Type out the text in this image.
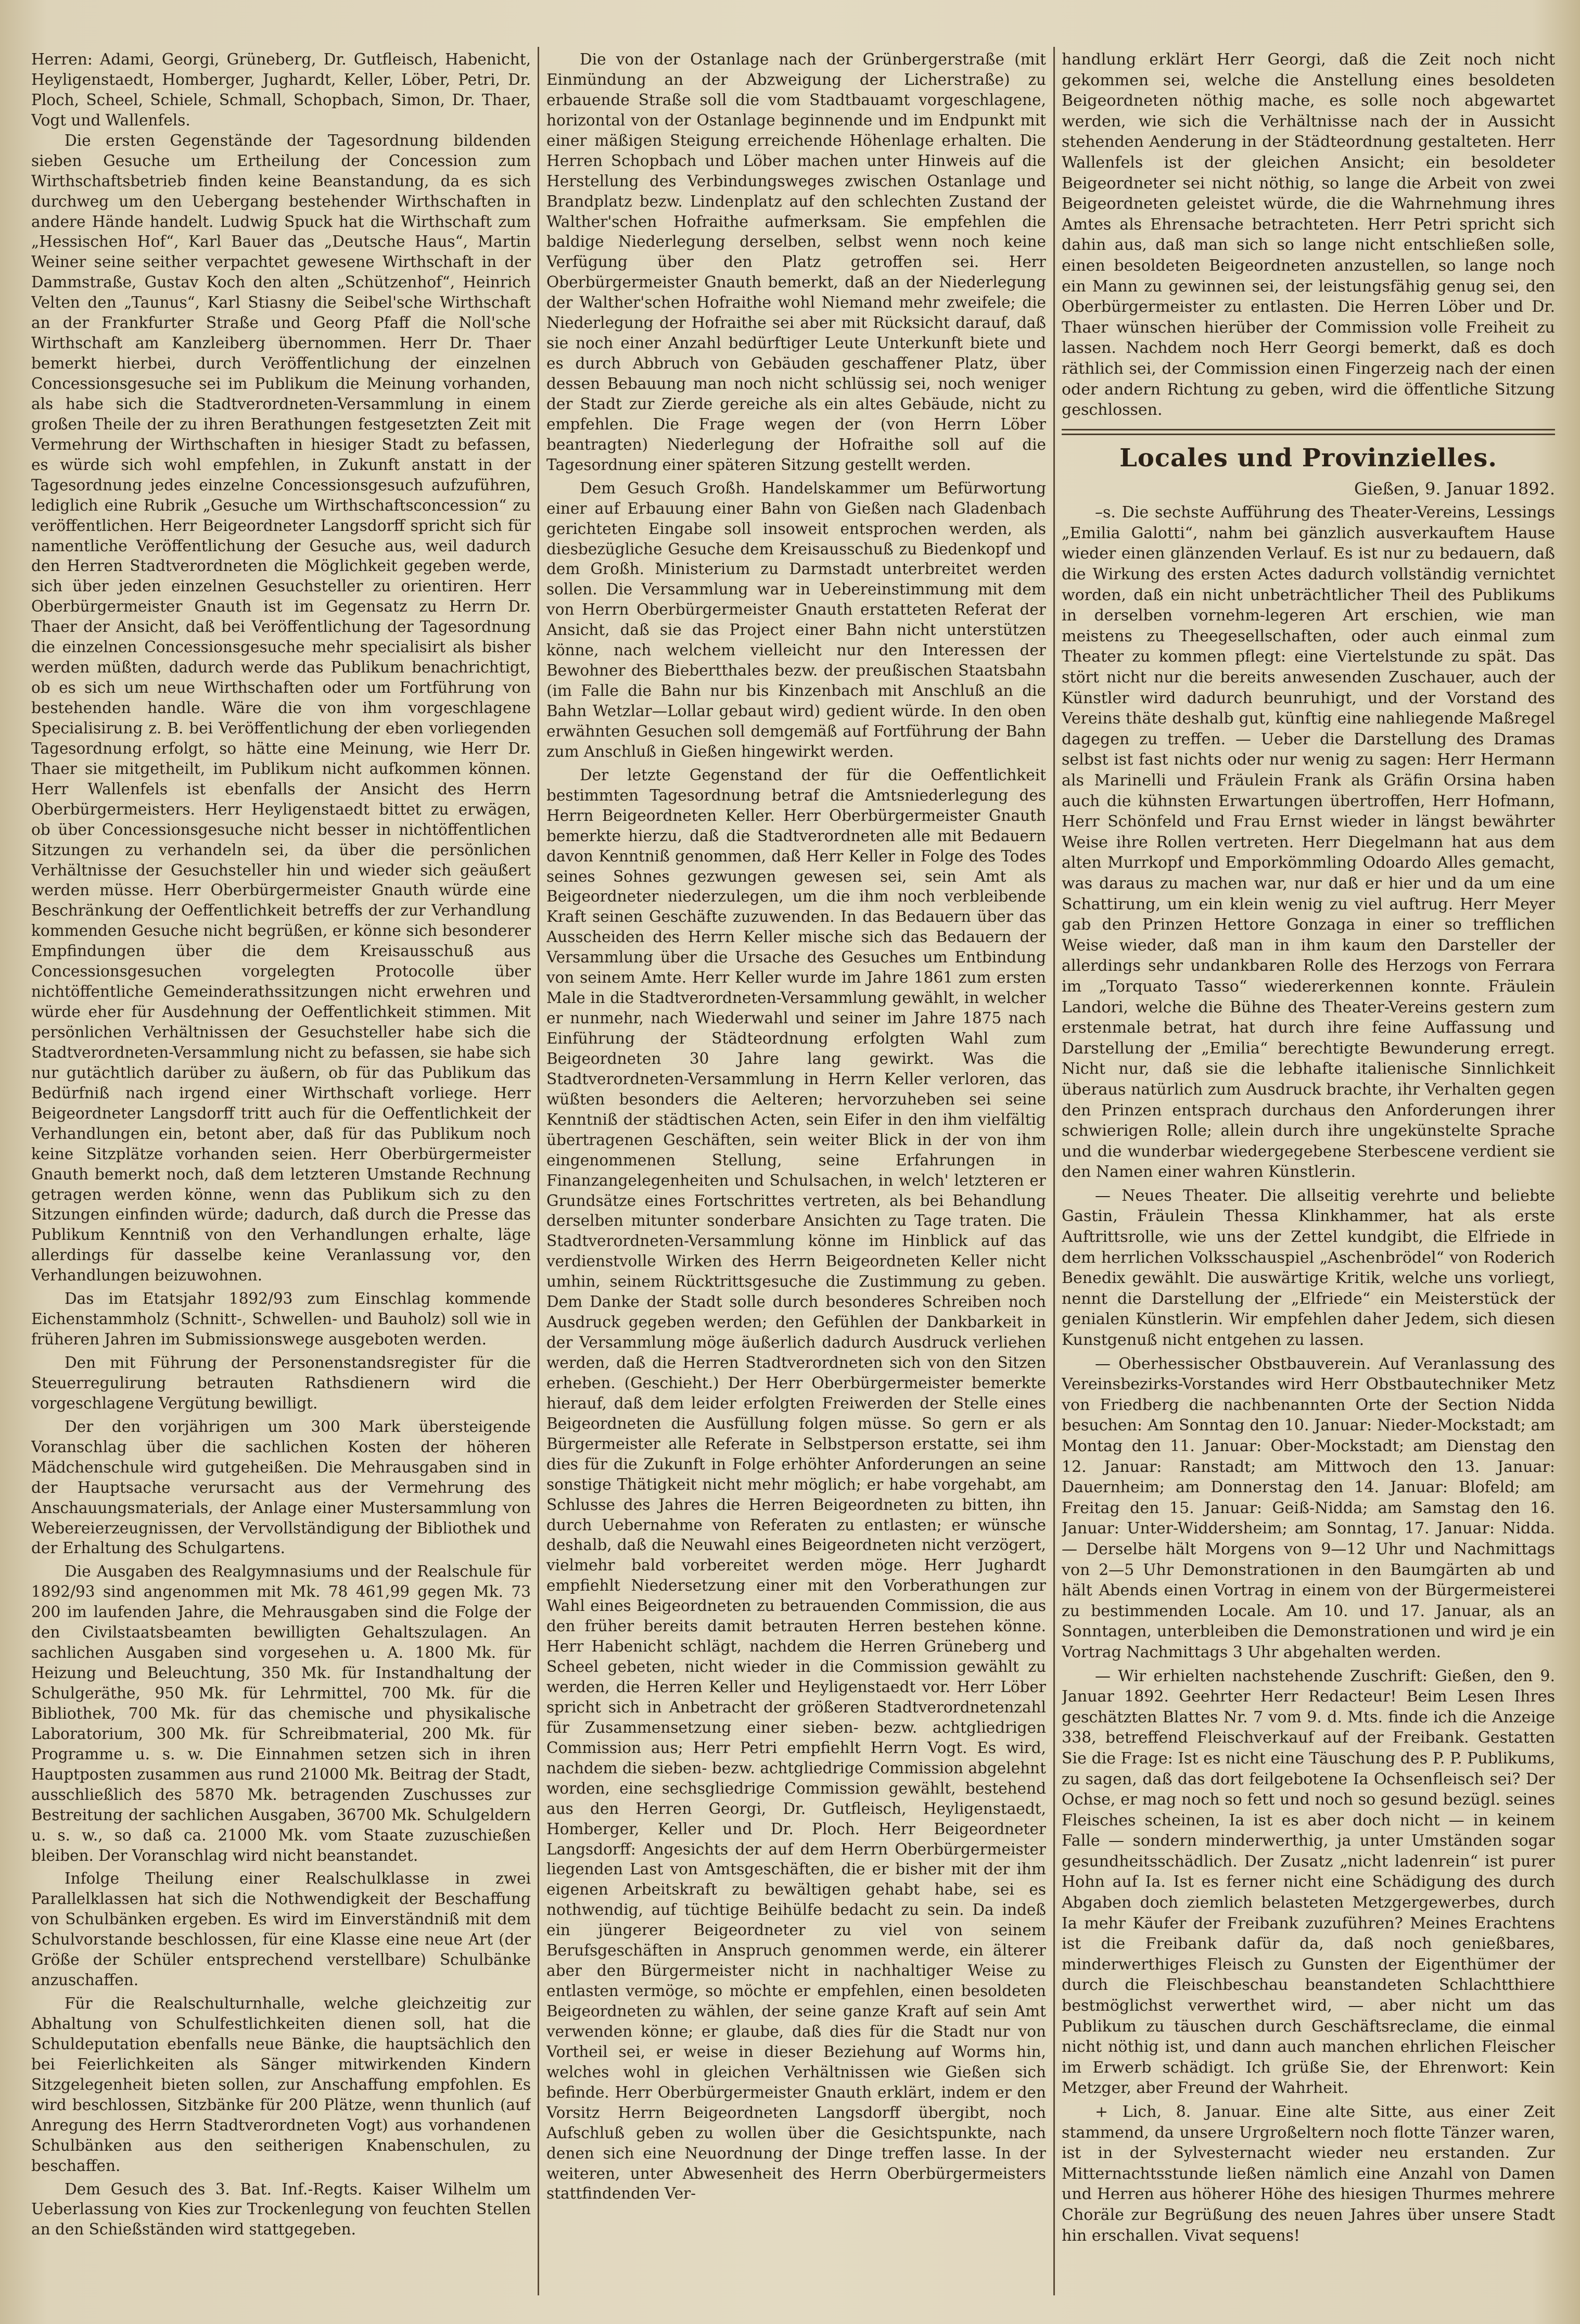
Herren: Adami, Georgi, Grüneberg, Dr. Gutfleisch, Habenicht, Heyligenstaedt, Homberger, Jughardt, Keller, Löber, Petri, Dr. Ploch, Scheel, Schiele, Schmall, Schopbach, Simon, Dr. Thaer, Vogt und Wallenfels.

Die ersten Gegenstände der Tagesordnung bildenden sieben Gesuche um Ertheilung der Concession zum Wirthschaftsbetrieb finden keine Beanstandung, da es sich durchweg um den Uebergang bestehender Wirthschaften in andere Hände handelt. Ludwig Spuck hat die Wirthschaft zum „Hessischen Hof“, Karl Bauer das „Deutsche Haus“, Martin Weiner seine seither verpachtet gewesene Wirthschaft in der Dammstraße, Gustav Koch den alten „Schützenhof“, Heinrich Velten den „Taunus“, Karl Stiasny die Seibel'sche Wirthschaft an der Frankfurter Straße und Georg Pfaff die Noll'sche Wirthschaft am Kanzleiberg übernommen. Herr Dr. Thaer bemerkt hierbei, durch Veröffentlichung der einzelnen Concessionsgesuche sei im Publikum die Meinung vorhanden, als habe sich die Stadtverordneten-Versammlung in einem großen Theile der zu ihren Berathungen festgesetzten Zeit mit Vermehrung der Wirthschaften in hiesiger Stadt zu befassen, es würde sich wohl empfehlen, in Zukunft anstatt in der Tagesordnung jedes einzelne Concessionsgesuch aufzuführen, lediglich eine Rubrik „Gesuche um Wirthschaftsconcession“ zu veröffentlichen. Herr Beigeordneter Langsdorff spricht sich für namentliche Veröffentlichung der Gesuche aus, weil dadurch den Herren Stadtverordneten die Möglichkeit gegeben werde, sich über jeden einzelnen Gesuchsteller zu orientiren. Herr Oberbürgermeister Gnauth ist im Gegensatz zu Herrn Dr. Thaer der Ansicht, daß bei Veröffentlichung der Tagesordnung die einzelnen Concessionsgesuche mehr specialisirt als bisher werden müßten, dadurch werde das Publikum benachrichtigt, ob es sich um neue Wirthschaften oder um Fortführung von bestehenden handle. Wäre die von ihm vorgeschlagene Specialisirung z. B. bei Veröffentlichung der eben vorliegenden Tagesordnung erfolgt, so hätte eine Meinung, wie Herr Dr. Thaer sie mitgetheilt, im Publikum nicht aufkommen können. Herr Wallenfels ist ebenfalls der Ansicht des Herrn Oberbürgermeisters. Herr Heyligenstaedt bittet zu erwägen, ob über Concessionsgesuche nicht besser in nichtöffentlichen Sitzungen zu verhandeln sei, da über die persönlichen Verhältnisse der Gesuchsteller hin und wieder sich geäußert werden müsse. Herr Oberbürgermeister Gnauth würde eine Beschränkung der Oeffentlichkeit betreffs der zur Verhandlung kommenden Gesuche nicht begrüßen, er könne sich besonderer Empfindungen über die dem Kreisausschuß aus Concessionsgesuchen vorgelegten Protocolle über nichtöffentliche Gemeinderathssitzungen nicht erwehren und würde eher für Ausdehnung der Oeffentlichkeit stimmen. Mit persönlichen Verhältnissen der Gesuchsteller habe sich die Stadtverordneten-Versammlung nicht zu befassen, sie habe sich nur gutächtlich darüber zu äußern, ob für das Publikum das Bedürfniß nach irgend einer Wirthschaft vorliege. Herr Beigeordneter Langsdorff tritt auch für die Oeffentlichkeit der Verhandlungen ein, betont aber, daß für das Publikum noch keine Sitzplätze vorhanden seien. Herr Oberbürgermeister Gnauth bemerkt noch, daß dem letzteren Umstande Rechnung getragen werden könne, wenn das Publikum sich zu den Sitzungen einfinden würde; dadurch, daß durch die Presse das Publikum Kenntniß von den Verhandlungen erhalte, läge allerdings für dasselbe keine Veranlassung vor, den Verhandlungen beizuwohnen.

Das im Etatsjahr 1892/93 zum Einschlag kommende Eichenstammholz (Schnitt-, Schwellen- und Bauholz) soll wie in früheren Jahren im Submissionswege ausgeboten werden.

Den mit Führung der Personenstandsregister für die Steuerregulirung betrauten Rathsdienern wird die vorgeschlagene Vergütung bewilligt.

Der den vorjährigen um 300 Mark übersteigende Voranschlag über die sachlichen Kosten der höheren Mädchenschule wird gutgeheißen. Die Mehrausgaben sind in der Hauptsache verursacht aus der Vermehrung des Anschauungsmaterials, der Anlage einer Mustersammlung von Webereierzeugnissen, der Vervollständigung der Bibliothek und der Erhaltung des Schulgartens.

Die Ausgaben des Realgymnasiums und der Realschule für 1892/93 sind angenommen mit Mk. 78 461,99 gegen Mk. 73 200 im laufenden Jahre, die Mehrausgaben sind die Folge der den Civilstaatsbeamten bewilligten Gehaltszulagen. An sachlichen Ausgaben sind vorgesehen u. A. 1800 Mk. für Heizung und Beleuchtung, 350 Mk. für Instandhaltung der Schulgeräthe, 950 Mk. für Lehrmittel, 700 Mk. für die Bibliothek, 700 Mk. für das chemische und physikalische Laboratorium, 300 Mk. für Schreibmaterial, 200 Mk. für Programme u. s. w. Die Einnahmen setzen sich in ihren Hauptposten zusammen aus rund 21000 Mk. Beitrag der Stadt, ausschließlich des 5870 Mk. betragenden Zuschusses zur Bestreitung der sachlichen Ausgaben, 36700 Mk. Schulgeldern u. s. w., so daß ca. 21000 Mk. vom Staate zuzuschießen bleiben. Der Voranschlag wird nicht beanstandet.

Infolge Theilung einer Realschulklasse in zwei Parallelklassen hat sich die Nothwendigkeit der Beschaffung von Schulbänken ergeben. Es wird im Einverständniß mit dem Schulvorstande beschlossen, für eine Klasse eine neue Art (der Größe der Schüler entsprechend verstellbare) Schulbänke anzuschaffen.

Für die Realschulturnhalle, welche gleichzeitig zur Abhaltung von Schulfestlichkeiten dienen soll, hat die Schuldeputation ebenfalls neue Bänke, die hauptsächlich den bei Feierlichkeiten als Sänger mitwirkenden Kindern Sitzgelegenheit bieten sollen, zur Anschaffung empfohlen. Es wird beschlossen, Sitzbänke für 200 Plätze, wenn thunlich (auf Anregung des Herrn Stadtverordneten Vogt) aus vorhandenen Schulbänken aus den seitherigen Knabenschulen, zu beschaffen.

Dem Gesuch des 3. Bat. Inf.-Regts. Kaiser Wilhelm um Ueberlassung von Kies zur Trockenlegung von feuchten Stellen an den Schießständen wird stattgegeben.

Die von der Ostanlage nach der Grünbergerstraße (mit Einmündung an der Abzweigung der Licherstraße) zu erbauende Straße soll die vom Stadtbauamt vorgeschlagene, horizontal von der Ostanlage beginnende und im Endpunkt mit einer mäßigen Steigung erreichende Höhenlage erhalten. Die Herren Schopbach und Löber machen unter Hinweis auf die Herstellung des Verbindungsweges zwischen Ostanlage und Brandplatz bezw. Lindenplatz auf den schlechten Zustand der Walther'schen Hofraithe aufmerksam. Sie empfehlen die baldige Niederlegung derselben, selbst wenn noch keine Verfügung über den Platz getroffen sei. Herr Oberbürgermeister Gnauth bemerkt, daß an der Niederlegung der Walther'schen Hofraithe wohl Niemand mehr zweifele; die Niederlegung der Hofraithe sei aber mit Rücksicht darauf, daß sie noch einer Anzahl bedürftiger Leute Unterkunft biete und es durch Abbruch von Gebäuden geschaffener Platz, über dessen Bebauung man noch nicht schlüssig sei, noch weniger der Stadt zur Zierde gereiche als ein altes Gebäude, nicht zu empfehlen. Die Frage wegen der (von Herrn Löber beantragten) Niederlegung der Hofraithe soll auf die Tagesordnung einer späteren Sitzung gestellt werden.

Dem Gesuch Großh. Handelskammer um Befürwortung einer auf Erbauung einer Bahn von Gießen nach Gladenbach gerichteten Eingabe soll insoweit entsprochen werden, als diesbezügliche Gesuche dem Kreisausschuß zu Biedenkopf und dem Großh. Ministerium zu Darmstadt unterbreitet werden sollen. Die Versammlung war in Uebereinstimmung mit dem von Herrn Oberbürgermeister Gnauth erstatteten Referat der Ansicht, daß sie das Project einer Bahn nicht unterstützen könne, nach welchem vielleicht nur den Interessen der Bewohner des Biebertthales bezw. der preußischen Staatsbahn (im Falle die Bahn nur bis Kinzenbach mit Anschluß an die Bahn Wetzlar—Lollar gebaut wird) gedient würde. In den oben erwähnten Gesuchen soll demgemäß auf Fortführung der Bahn zum Anschluß in Gießen hingewirkt werden.

Der letzte Gegenstand der für die Oeffentlichkeit bestimmten Tagesordnung betraf die Amtsniederlegung des Herrn Beigeordneten Keller. Herr Oberbürgermeister Gnauth bemerkte hierzu, daß die Stadtverordneten alle mit Bedauern davon Kenntniß genommen, daß Herr Keller in Folge des Todes seines Sohnes gezwungen gewesen sei, sein Amt als Beigeordneter niederzulegen, um die ihm noch verbleibende Kraft seinen Geschäfte zuzuwenden. In das Bedauern über das Ausscheiden des Herrn Keller mische sich das Bedauern der Versammlung über die Ursache des Gesuches um Entbindung von seinem Amte. Herr Keller wurde im Jahre 1861 zum ersten Male in die Stadtverordneten-Versammlung gewählt, in welcher er nunmehr, nach Wiederwahl und seiner im Jahre 1875 nach Einführung der Städteordnung erfolgten Wahl zum Beigeordneten 30 Jahre lang gewirkt. Was die Stadtverordneten-Versammlung in Herrn Keller verloren, das wüßten besonders die Aelteren; hervorzuheben sei seine Kenntniß der städtischen Acten, sein Eifer in den ihm vielfältig übertragenen Geschäften, sein weiter Blick in der von ihm eingenommenen Stellung, seine Erfahrungen in Finanzangelegenheiten und Schulsachen, in welch' letzteren er Grundsätze eines Fortschrittes vertreten, als bei Behandlung derselben mitunter sonderbare Ansichten zu Tage traten. Die Stadtverordneten-Versammlung könne im Hinblick auf das verdienstvolle Wirken des Herrn Beigeordneten Keller nicht umhin, seinem Rücktrittsgesuche die Zustimmung zu geben. Dem Danke der Stadt solle durch besonderes Schreiben noch Ausdruck gegeben werden; den Gefühlen der Dankbarkeit in der Versammlung möge äußerlich dadurch Ausdruck verliehen werden, daß die Herren Stadtverordneten sich von den Sitzen erheben. (Geschieht.) Der Herr Oberbürgermeister bemerkte hierauf, daß dem leider erfolgten Freiwerden der Stelle eines Beigeordneten die Ausfüllung folgen müsse. So gern er als Bürgermeister alle Referate in Selbstperson erstatte, sei ihm dies für die Zukunft in Folge erhöhter Anforderungen an seine sonstige Thätigkeit nicht mehr möglich; er habe vorgehabt, am Schlusse des Jahres die Herren Beigeordneten zu bitten, ihn durch Uebernahme von Referaten zu entlasten; er wünsche deshalb, daß die Neuwahl eines Beigeordneten nicht verzögert, vielmehr bald vorbereitet werden möge. Herr Jughardt empfiehlt Niedersetzung einer mit den Vorberathungen zur Wahl eines Beigeordneten zu betrauenden Commission, die aus den früher bereits damit betrauten Herren bestehen könne. Herr Habenicht schlägt, nachdem die Herren Grüneberg und Scheel gebeten, nicht wieder in die Commission gewählt zu werden, die Herren Keller und Heyligenstaedt vor. Herr Löber spricht sich in Anbetracht der größeren Stadtverordnetenzahl für Zusammensetzung einer sieben- bezw. achtgliedrigen Commission aus; Herr Petri empfiehlt Herrn Vogt. Es wird, nachdem die sieben- bezw. achtgliedrige Commission abgelehnt worden, eine sechsgliedrige Commission gewählt, bestehend aus den Herren Georgi, Dr. Gutfleisch, Heyligenstaedt, Homberger, Keller und Dr. Ploch. Herr Beigeordneter Langsdorff: Angesichts der auf dem Herrn Oberbürgermeister liegenden Last von Amtsgeschäften, die er bisher mit der ihm eigenen Arbeitskraft zu bewältigen gehabt habe, sei es nothwendig, auf tüchtige Beihülfe bedacht zu sein. Da indeß ein jüngerer Beigeordneter zu viel von seinem Berufsgeschäften in Anspruch genommen werde, ein älterer aber den Bürgermeister nicht in nachhaltiger Weise zu entlasten vermöge, so möchte er empfehlen, einen besoldeten Beigeordneten zu wählen, der seine ganze Kraft auf sein Amt verwenden könne; er glaube, daß dies für die Stadt nur von Vortheil sei, er weise in dieser Beziehung auf Worms hin, welches wohl in gleichen Verhältnissen wie Gießen sich befinde. Herr Oberbürgermeister Gnauth erklärt, indem er den Vorsitz Herrn Beigeordneten Langsdorff übergibt, noch Aufschluß geben zu wollen über die Gesichtspunkte, nach denen sich eine Neuordnung der Dinge treffen lasse. In der weiteren, unter Abwesenheit des Herrn Oberbürgermeisters stattfindenden Ver-

handlung erklärt Herr Georgi, daß die Zeit noch nicht gekommen sei, welche die Anstellung eines besoldeten Beigeordneten nöthig mache, es solle noch abgewartet werden, wie sich die Verhältnisse nach der in Aussicht stehenden Aenderung in der Städteordnung gestalteten. Herr Wallenfels ist der gleichen Ansicht; ein besoldeter Beigeordneter sei nicht nöthig, so lange die Arbeit von zwei Beigeordneten geleistet würde, die die Wahrnehmung ihres Amtes als Ehrensache betrachteten. Herr Petri spricht sich dahin aus, daß man sich so lange nicht entschließen solle, einen besoldeten Beigeordneten anzustellen, so lange noch ein Mann zu gewinnen sei, der leistungsfähig genug sei, den Oberbürgermeister zu entlasten. Die Herren Löber und Dr. Thaer wünschen hierüber der Commission volle Freiheit zu lassen. Nachdem noch Herr Georgi bemerkt, daß es doch räthlich sei, der Commission einen Fingerzeig nach der einen oder andern Richtung zu geben, wird die öffentliche Sitzung geschlossen.

Locales und Provinzielles.
Gießen, 9. Januar 1892.

–s. Die sechste Aufführung des Theater-Vereins, Lessings „Emilia Galotti“, nahm bei gänzlich ausverkauftem Hause wieder einen glänzenden Verlauf. Es ist nur zu bedauern, daß die Wirkung des ersten Actes dadurch vollständig vernichtet worden, daß ein nicht unbeträchtlicher Theil des Publikums in derselben vornehm-legeren Art erschien, wie man meistens zu Theegesellschaften, oder auch einmal zum Theater zu kommen pflegt: eine Viertelstunde zu spät. Das stört nicht nur die bereits anwesenden Zuschauer, auch der Künstler wird dadurch beunruhigt, und der Vorstand des Vereins thäte deshalb gut, künftig eine nahliegende Maßregel dagegen zu treffen. — Ueber die Darstellung des Dramas selbst ist fast nichts oder nur wenig zu sagen: Herr Hermann als Marinelli und Fräulein Frank als Gräfin Orsina haben auch die kühnsten Erwartungen übertroffen, Herr Hofmann, Herr Schönfeld und Frau Ernst wieder in längst bewährter Weise ihre Rollen vertreten. Herr Diegelmann hat aus dem alten Murrkopf und Emporkömmling Odoardo Alles gemacht, was daraus zu machen war, nur daß er hier und da um eine Schattirung, um ein klein wenig zu viel auftrug. Herr Meyer gab den Prinzen Hettore Gonzaga in einer so trefflichen Weise wieder, daß man in ihm kaum den Darsteller der allerdings sehr undankbaren Rolle des Herzogs von Ferrara im „Torquato Tasso“ wiedererkennen konnte. Fräulein Landori, welche die Bühne des Theater-Vereins gestern zum erstenmale betrat, hat durch ihre feine Auffassung und Darstellung der „Emilia“ berechtigte Bewunderung erregt. Nicht nur, daß sie die lebhafte italienische Sinnlichkeit überaus natürlich zum Ausdruck brachte, ihr Verhalten gegen den Prinzen entsprach durchaus den Anforderungen ihrer schwierigen Rolle; allein durch ihre ungekünstelte Sprache und die wunderbar wiedergegebene Sterbescene verdient sie den Namen einer wahren Künstlerin.

— Neues Theater. Die allseitig verehrte und beliebte Gastin, Fräulein Thessa Klinkhammer, hat als erste Auftrittsrolle, wie uns der Zettel kundgibt, die Elfriede in dem herrlichen Volksschauspiel „Aschenbrödel“ von Roderich Benedix gewählt. Die auswärtige Kritik, welche uns vorliegt, nennt die Darstellung der „Elfriede“ ein Meisterstück der genialen Künstlerin. Wir empfehlen daher Jedem, sich diesen Kunstgenuß nicht entgehen zu lassen.

— Oberhessischer Obstbauverein. Auf Veranlassung des Vereinsbezirks-Vorstandes wird Herr Obstbautechniker Metz von Friedberg die nachbenannten Orte der Section Nidda besuchen: Am Sonntag den 10. Januar: Nieder-Mockstadt; am Montag den 11. Januar: Ober-Mockstadt; am Dienstag den 12. Januar: Ranstadt; am Mittwoch den 13. Januar: Dauernheim; am Donnerstag den 14. Januar: Blofeld; am Freitag den 15. Januar: Geiß-Nidda; am Samstag den 16. Januar: Unter-Widdersheim; am Sonntag, 17. Januar: Nidda. — Derselbe hält Morgens von 9—12 Uhr und Nachmittags von 2—5 Uhr Demonstrationen in den Baumgärten ab und hält Abends einen Vortrag in einem von der Bürgermeisterei zu bestimmenden Locale. Am 10. und 17. Januar, als an Sonntagen, unterbleiben die Demonstrationen und wird je ein Vortrag Nachmittags 3 Uhr abgehalten werden.

— Wir erhielten nachstehende Zuschrift: Gießen, den 9. Januar 1892. Geehrter Herr Redacteur! Beim Lesen Ihres geschätzten Blattes Nr. 7 vom 9. d. Mts. finde ich die Anzeige 338, betreffend Fleischverkauf auf der Freibank. Gestatten Sie die Frage: Ist es nicht eine Täuschung des P. P. Publikums, zu sagen, daß das dort feilgebotene Ia Ochsenfleisch sei? Der Ochse, er mag noch so fett und noch so gesund bezügl. seines Fleisches scheinen, Ia ist es aber doch nicht — in keinem Falle — sondern minderwerthig, ja unter Umständen sogar gesundheitsschädlich. Der Zusatz „nicht ladenrein“ ist purer Hohn auf Ia. Ist es ferner nicht eine Schädigung des durch Abgaben doch ziemlich belasteten Metzgergewerbes, durch Ia mehr Käufer der Freibank zuzuführen? Meines Erachtens ist die Freibank dafür da, daß noch genießbares, minderwerthiges Fleisch zu Gunsten der Eigenthümer der durch die Fleischbeschau beanstandeten Schlachtthiere bestmöglichst verwerthet wird, — aber nicht um das Publikum zu täuschen durch Geschäftsreclame, die einmal nicht nöthig ist, und dann auch manchen ehrlichen Fleischer im Erwerb schädigt. Ich grüße Sie, der Ehrenwort: Kein Metzger, aber Freund der Wahrheit.

+ Lich, 8. Januar. Eine alte Sitte, aus einer Zeit stammend, da unsere Urgroßeltern noch flotte Tänzer waren, ist in der Sylvesternacht wieder neu erstanden. Zur Mitternachtsstunde ließen nämlich eine Anzahl von Damen und Herren aus höherer Höhe des hiesigen Thurmes mehrere Choräle zur Begrüßung des neuen Jahres über unsere Stadt hin erschallen. Vivat sequens!
